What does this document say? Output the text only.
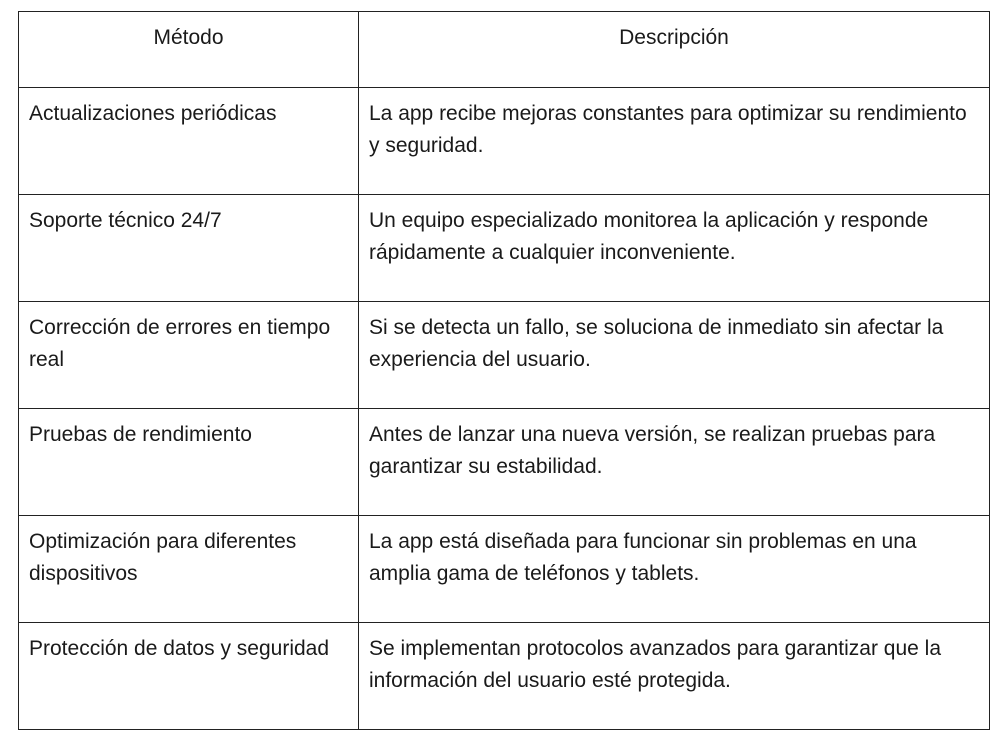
Método	Descripción
Actualizaciones periódicas	La app recibe mejoras constantes para optimizar su rendimiento y seguridad.
Soporte técnico 24/7	Un equipo especializado monitorea la aplicación y responde rápidamente a cualquier inconveniente.
Corrección de errores en tiempo real	Si se detecta un fallo, se soluciona de inmediato sin afectar la experiencia del usuario.
Pruebas de rendimiento	Antes de lanzar una nueva versión, se realizan pruebas para garantizar su estabilidad.
Optimización para diferentes dispositivos	La app está diseñada para funcionar sin problemas en una amplia gama de teléfonos y tablets.
Protección de datos y seguridad	Se implementan protocolos avanzados para garantizar que la información del usuario esté protegida.
